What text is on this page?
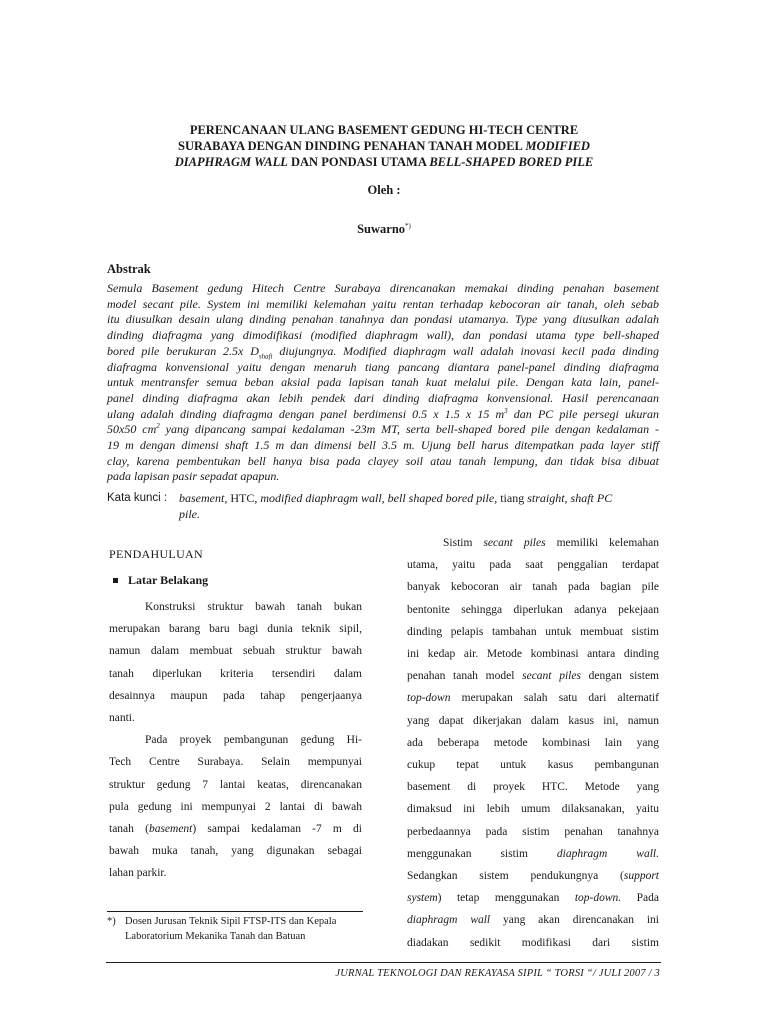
PERENCANAAN ULANG BASEMENT GEDUNG HI-TECH CENTRE
SURABAYA DENGAN DINDING PENAHAN TANAH MODEL MODIFIED
DIAPHRAGM WALL DAN PONDASI UTAMA BELL-SHAPED BORED PILE
Oleh :
Suwarno*)
Abstrak
Semula Basement gedung Hitech Centre Surabaya direncanakan memakai dinding penahan basement
model secant pile. System ini memiliki kelemahan yaitu rentan terhadap kebocoran air tanah, oleh sebab
itu diusulkan desain ulang dinding penahan tanahnya dan pondasi utamanya. Type yang diusulkan adalah
dinding diafragma yang dimodifikasi (modified diaphragm wall), dan pondasi utama type bell-shaped
bored pile berukuran 2.5x $D_{shaft}$ diujungnya. Modified diaphragm wall adalah inovasi kecil pada dinding
diafragma konvensional yaitu dengan menaruh tiang pancang diantara panel-panel dinding diafragma
untuk mentransfer semua beban aksial pada lapisan tanah kuat melalui pile. Dengan kata lain, panel-
panel dinding diafragma akan lebih pendek dari dinding diafragma konvensional. Hasil perencanaan
ulang adalah dinding diafragma dengan panel berdimensi 0.5 x 1.5 x 15 $m^3$ dan PC pile persegi ukuran
50x50 $cm^2$ yang dipancang sampai kedalaman -23m MT, serta bell-shaped bored pile dengan kedalaman -
19 m dengan dimensi shaft 1.5 m dan dimensi bell 3.5 m. Ujung bell harus ditempatkan pada layer stiff
clay, karena pembentukan bell hanya bisa pada clayey soil atau tanah lempung, dan tidak bisa dibuat
pada lapisan pasir sepadat apapun.
Kata kunci : basement, HTC, modified diaphragm wall, bell shaped bored pile, tiang straight, shaft PC
pile.
PENDAHULUAN
Latar Belakang
Konstruksi struktur bawah tanah bukan
merupakan barang baru bagi dunia teknik sipil,
namun dalam membuat sebuah struktur bawah
tanah diperlukan kriteria tersendiri dalam
desainnya maupun pada tahap pengerjaanya
nanti.
Pada proyek pembangunan gedung Hi-
Tech Centre Surabaya. Selain mempunyai
struktur gedung 7 lantai keatas, direncanakan
pula gedung ini mempunyai 2 lantai di bawah
tanah (basement) sampai kedalaman -7 m di
bawah muka tanah, yang digunakan sebagai
lahan parkir.
Sistim secant piles memiliki kelemahan
utama, yaitu pada saat penggalian terdapat
banyak kebocoran air tanah pada bagian pile
bentonite sehingga diperlukan adanya pekejaan
dinding pelapis tambahan untuk membuat sistim
ini kedap air. Metode kombinasi antara dinding
penahan tanah model secant piles dengan sistem
top-down merupakan salah satu dari alternatif
yang dapat dikerjakan dalam kasus ini, namun
ada beberapa metode kombinasi lain yang
cukup tepat untuk kasus pembangunan
basement di proyek HTC. Metode yang
dimaksud ini lebih umum dilaksanakan, yaitu
perbedaannya pada sistim penahan tanahnya
menggunakan sistim diaphragm wall.
Sedangkan sistem pendukungnya (support
system) tetap menggunakan top-down. Pada
diaphragm wall yang akan direncanakan ini
diadakan sedikit modifikasi dari sistim
*) Dosen Jurusan Teknik Sipil FTSP-ITS dan Kepala
Laboratorium Mekanika Tanah dan Batuan
JURNAL TEKNOLOGI DAN REKAYASA SIPIL “ TORSI “/ JULI 2007 / 3
